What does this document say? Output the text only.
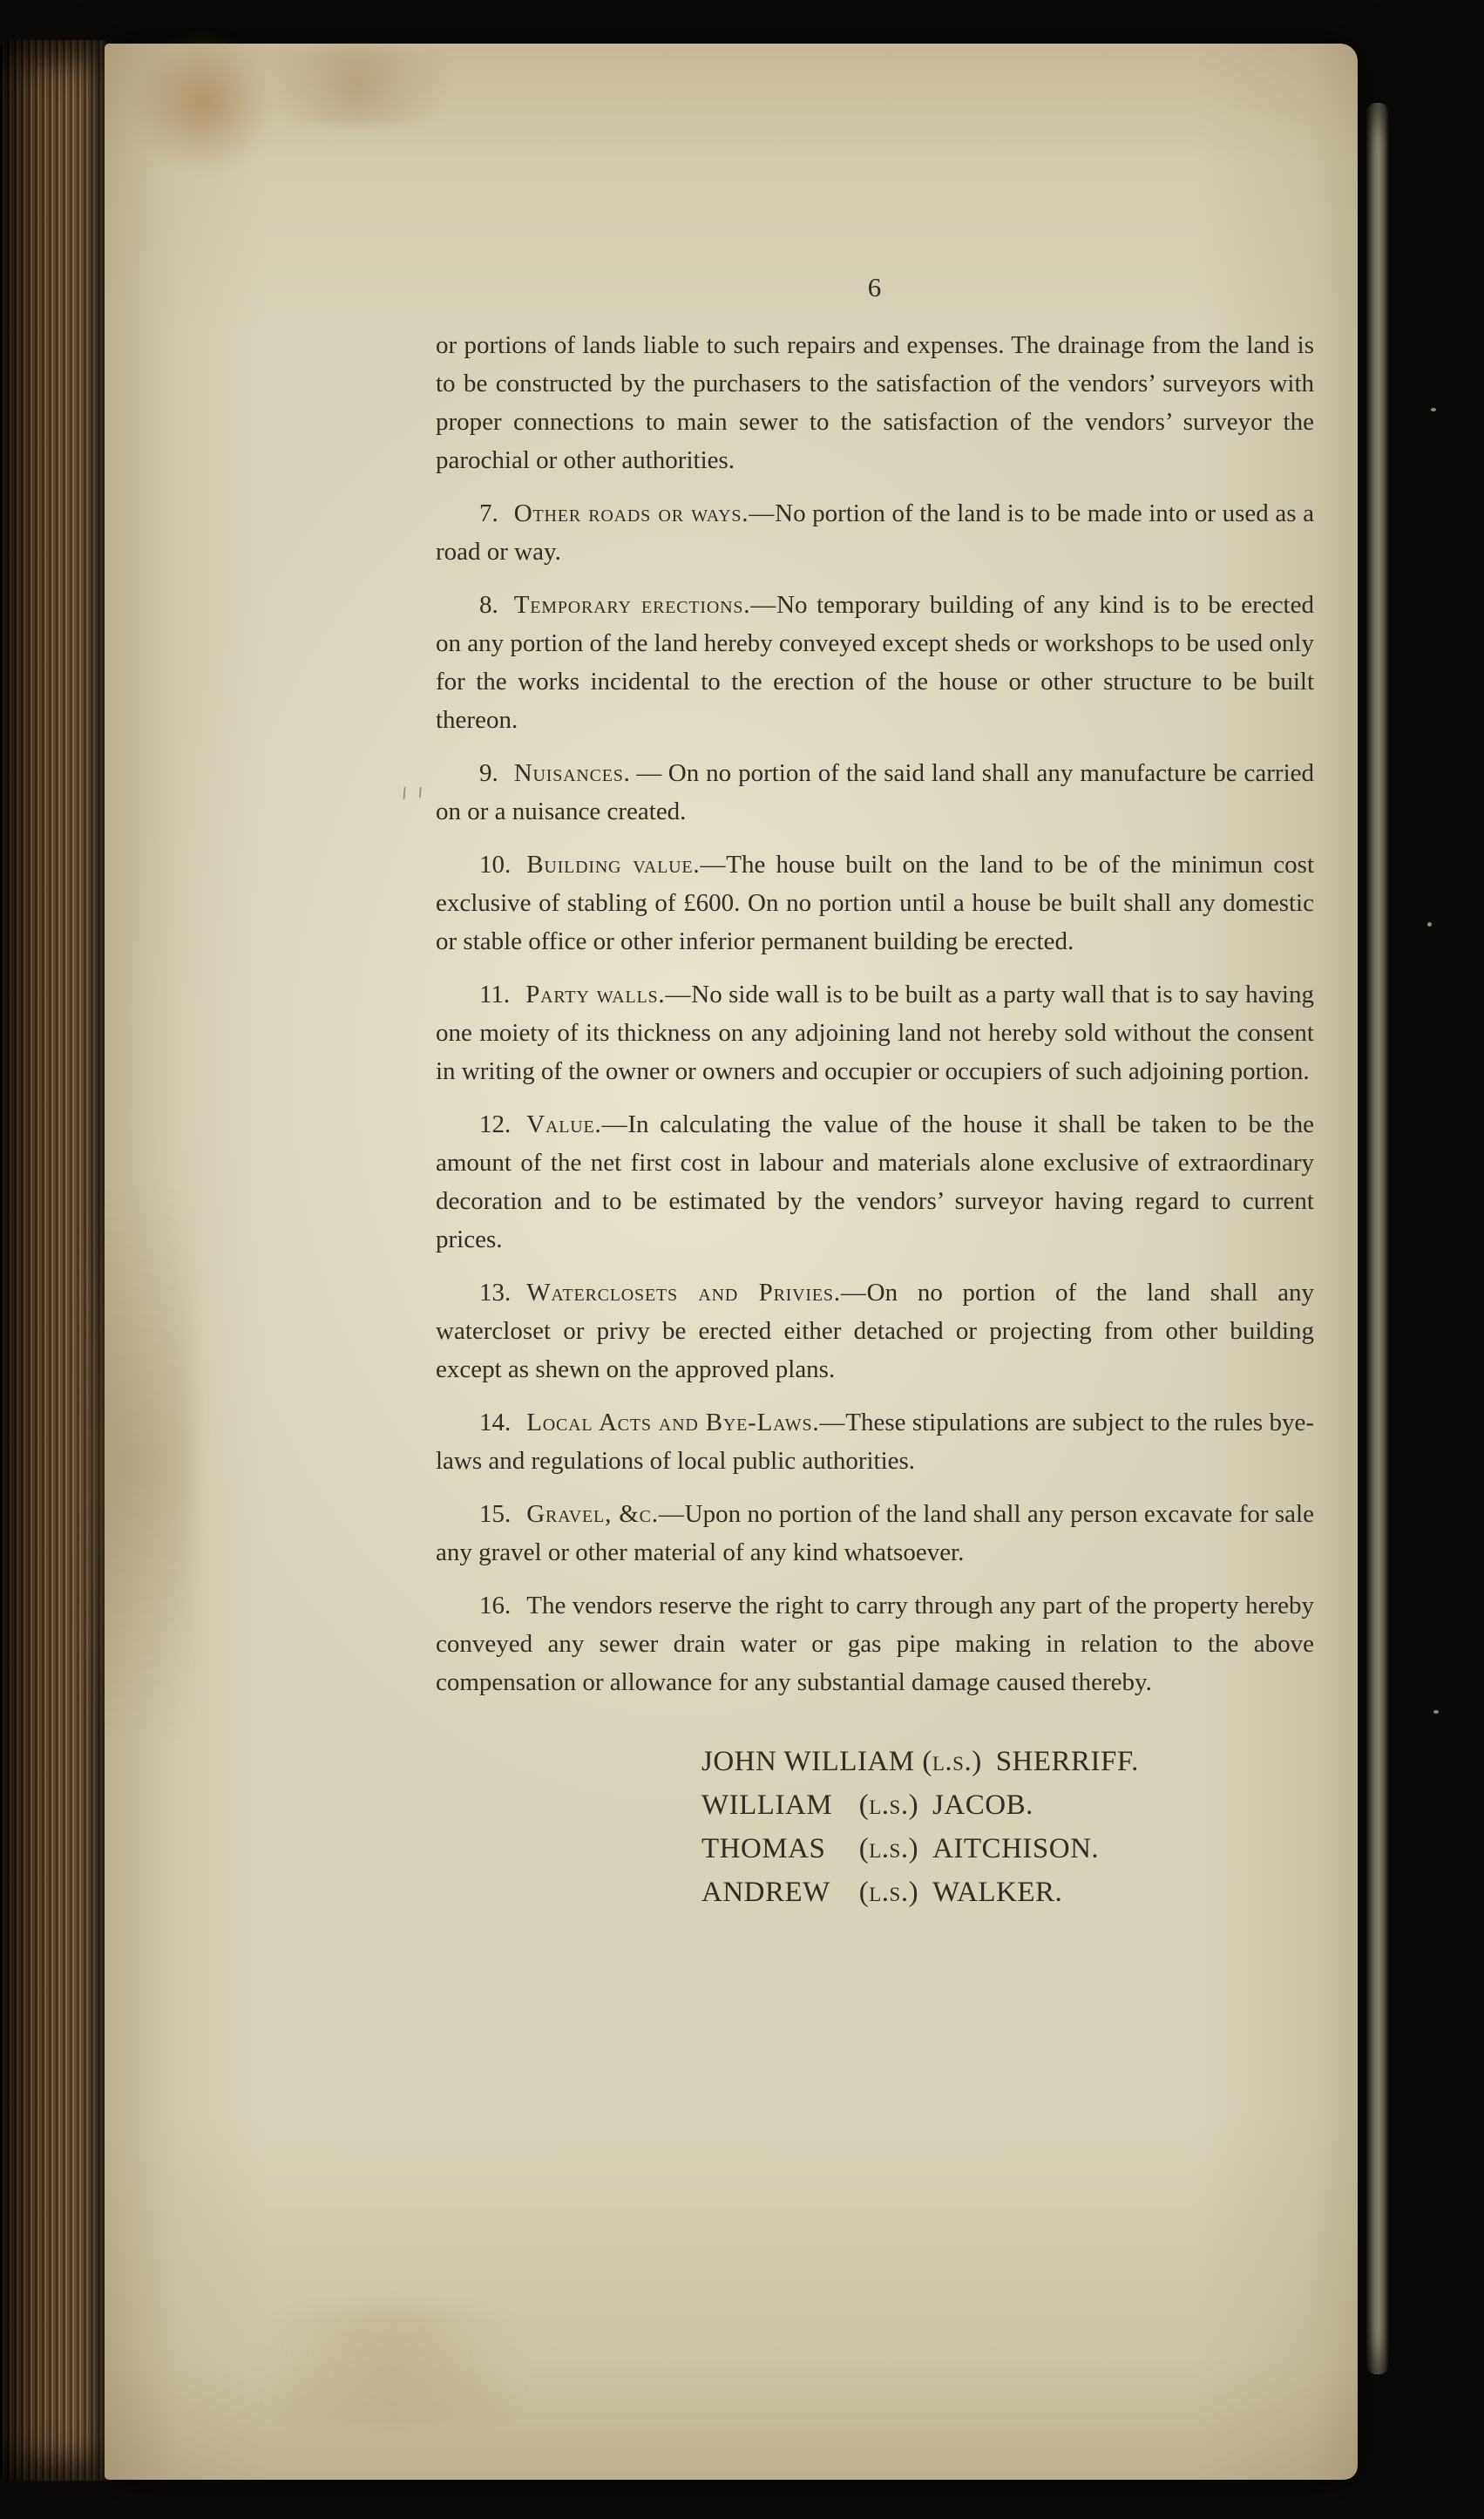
6

or portions of lands liable to such repairs and expenses. The drainage from the land is to be constructed by the purchasers to the satisfaction of the vendors’ surveyors with proper connections to main sewer to the satisfaction of the vendors’ surveyor the parochial or other authorities.

7. Other roads or ways.—No portion of the land is to be made into or used as a road or way.

8. Temporary erections.—No temporary building of any kind is to be erected on any portion of the land hereby conveyed except sheds or workshops to be used only for the works incidental to the erection of the house or other structure to be built thereon.

9. Nuisances. — On no portion of the said land shall any manufacture be carried on or a nuisance created.

10. Building value.—The house built on the land to be of the minimun cost exclusive of stabling of £600. On no portion until a house be built shall any domestic or stable office or other inferior permanent building be erected.

11. Party walls.—No side wall is to be built as a party wall that is to say having one moiety of its thickness on any adjoining land not hereby sold without the consent in writing of the owner or owners and occupier or occupiers of such adjoining portion.

12. Value.—In calculating the value of the house it shall be taken to be the amount of the net first cost in labour and materials alone exclusive of extraordinary decoration and to be estimated by the vendors’ surveyor having regard to current prices.

13. Waterclosets and Privies.—On no portion of the land shall any watercloset or privy be erected either detached or projecting from other building except as shewn on the approved plans.

14. Local Acts and Bye-Laws.—These stipulations are subject to the rules bye-laws and regulations of local public authorities.

15. Gravel, &c.—Upon no portion of the land shall any person excavate for sale any gravel or other material of any kind whatsoever.

16. The vendors reserve the right to carry through any part of the property hereby conveyed any sewer drain water or gas pipe making in relation to the above compensation or allowance for any substantial damage caused thereby.

JOHN WILLIAM (l.s.) SHERRIFF.
WILLIAM (l.s.) JACOB.
THOMAS (l.s.) AITCHISON.
ANDREW (l.s.) WALKER.
